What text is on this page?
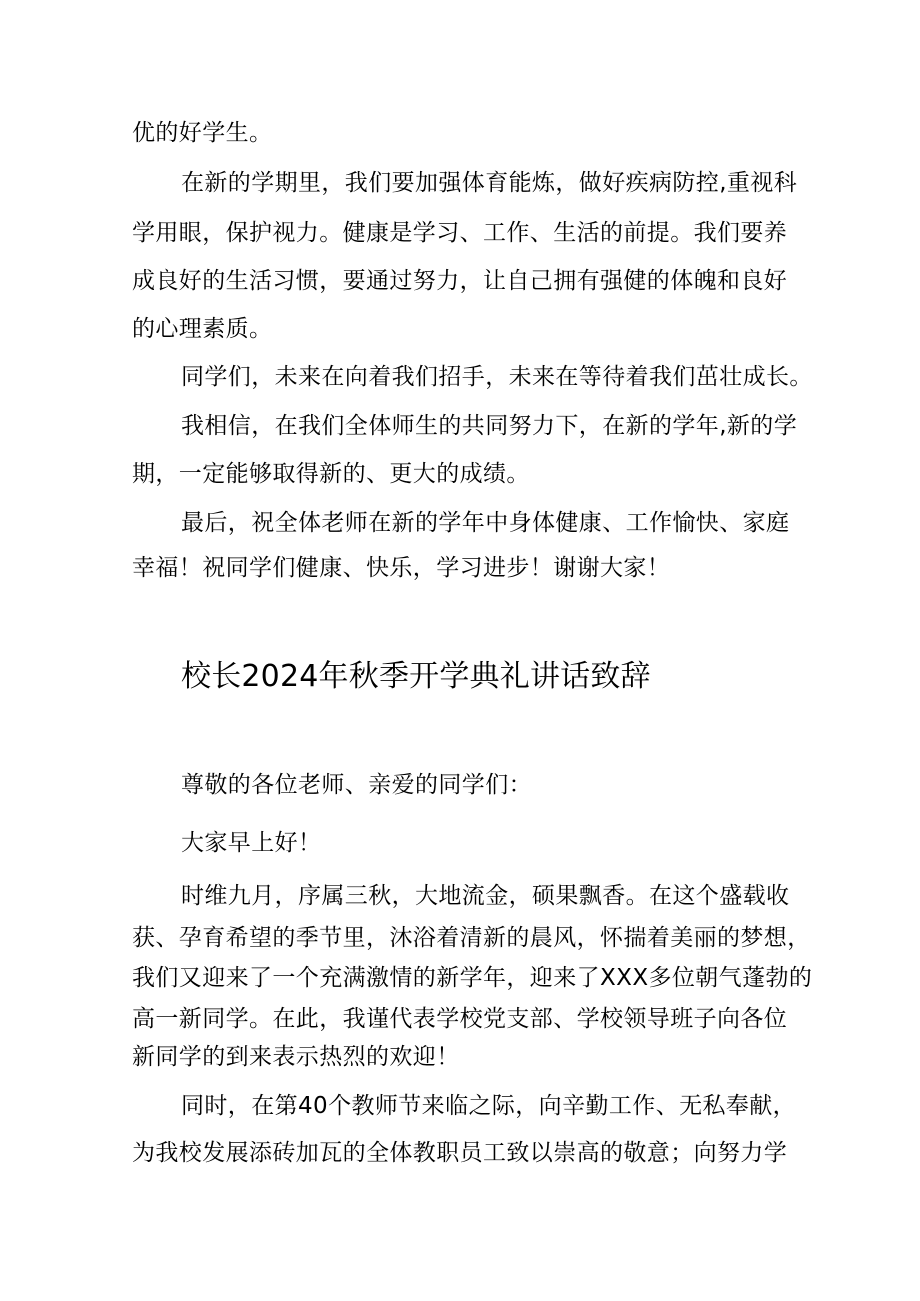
优的好学生。
在新的学期里，我们要加强体育能炼，做好疾病防控,重视科
学用眼，保护视力。健康是学习、工作、生活的前提。我们要养
成良好的生活习惯，要通过努力，让自己拥有强健的体魄和良好
的心理素质。
同学们，未来在向着我们招手，未来在等待着我们茁壮成长。
我相信，在我们全体师生的共同努力下，在新的学年,新的学
期，一定能够取得新的、更大的成绩。
最后，祝全体老师在新的学年中身体健康、工作愉快、家庭
幸福！祝同学们健康、快乐，学习进步！谢谢大家！
校长2024年秋季开学典礼讲话致辞
尊敬的各位老师、亲爱的同学们：
大家早上好！
时维九月，序属三秋，大地流金，硕果飘香。在这个盛载收
获、孕育希望的季节里，沐浴着清新的晨风，怀揣着美丽的梦想，
我们又迎来了一个充满激情的新学年，迎来了XXX多位朝气蓬勃的
高一新同学。在此，我谨代表学校党支部、学校领导班子向各位
新同学的到来表示热烈的欢迎！
同时，在第40个教师节来临之际，向辛勤工作、无私奉献，
为我校发展添砖加瓦的全体教职员工致以崇高的敬意；向努力学
